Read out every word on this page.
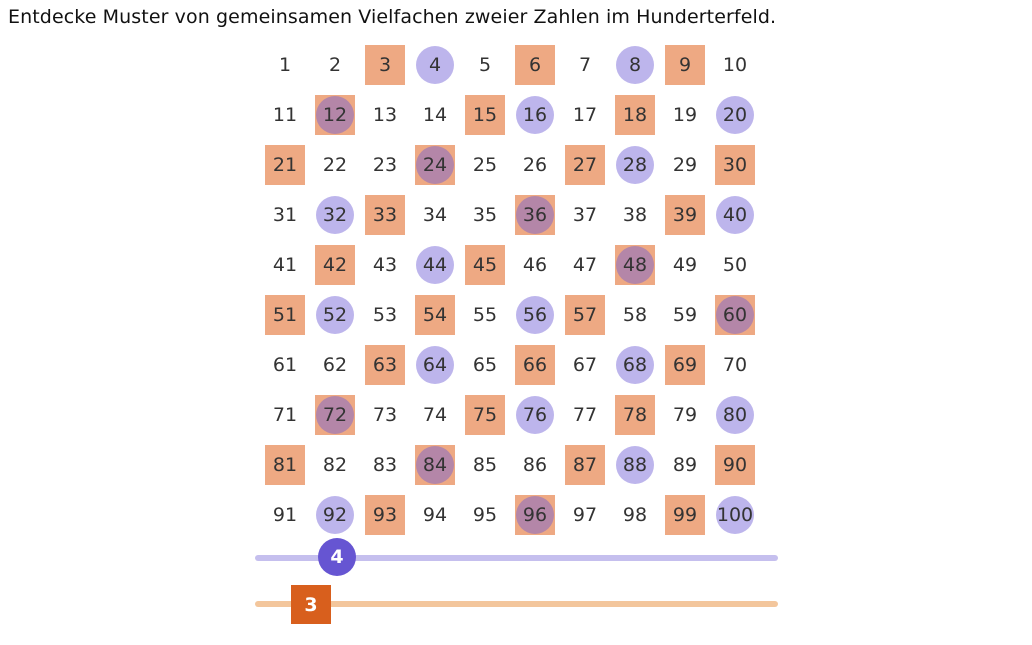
Entdecke Muster von gemeinsamen Vielfachen zweier Zahlen im Hunderterfeld.
1 2 3 4 5 6 7 8 9 10
11 12 13 14 15 16 17 18 19 20
21 22 23 24 25 26 27 28 29 30
31 32 33 34 35 36 37 38 39 40
41 42 43 44 45 46 47 48 49 50
51 52 53 54 55 56 57 58 59 60
61 62 63 64 65 66 67 68 69 70
71 72 73 74 75 76 77 78 79 80
81 82 83 84 85 86 87 88 89 90
91 92 93 94 95 96 97 98 99 100
4
3
